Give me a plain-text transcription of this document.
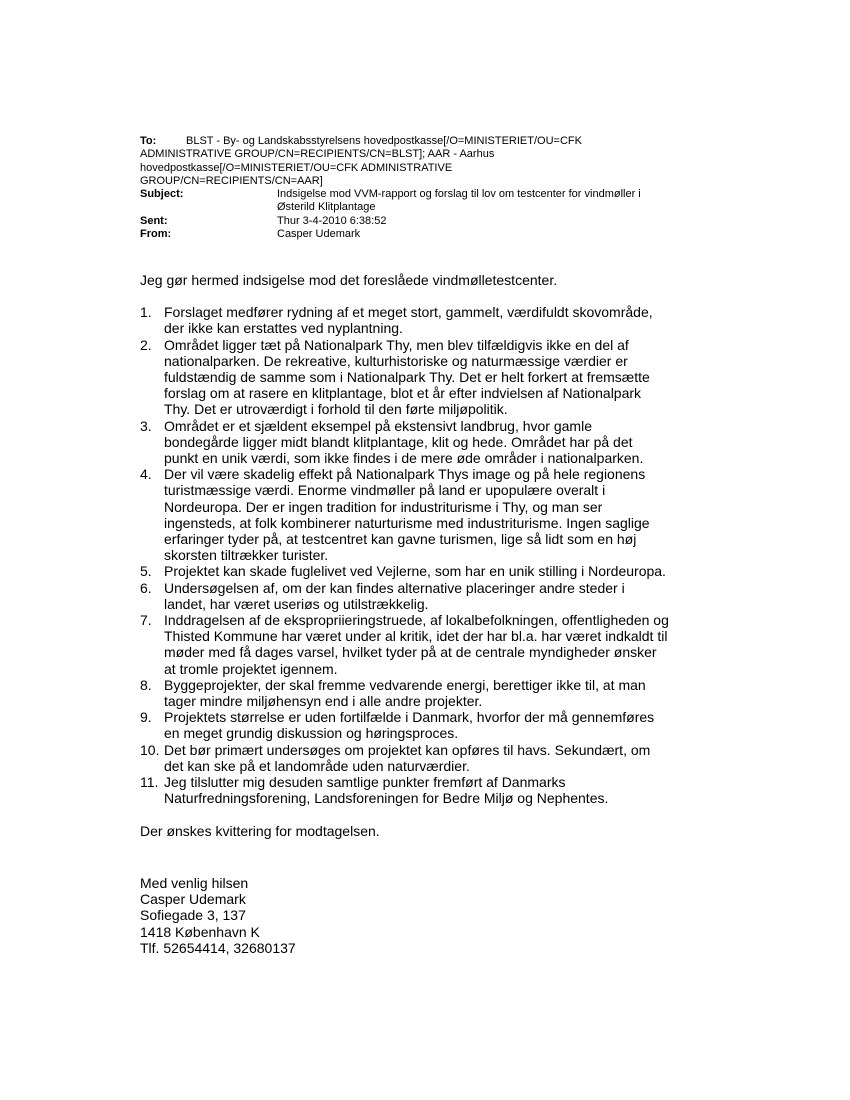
To:	BLST - By- og Landskabsstyrelsens hovedpostkasse[/O=MINISTERIET/OU=CFK
ADMINISTRATIVE GROUP/CN=RECIPIENTS/CN=BLST]; AAR - Aarhus
hovedpostkasse[/O=MINISTERIET/OU=CFK ADMINISTRATIVE
GROUP/CN=RECIPIENTS/CN=AAR]
Subject:	Indsigelse mod VVM-rapport og forslag til lov om testcenter for vindmøller i
Østerild Klitplantage
Sent:	Thur 3-4-2010 6:38:52
From:	Casper Udemark

Jeg gør hermed indsigelse mod det foreslåede vindmølletestcenter.

1. Forslaget medfører rydning af et meget stort, gammelt, værdifuldt skovområde,
der ikke kan erstattes ved nyplantning.
2. Området ligger tæt på Nationalpark Thy, men blev tilfældigvis ikke en del af
nationalparken. De rekreative, kulturhistoriske og naturmæssige værdier er
fuldstændig de samme som i Nationalpark Thy. Det er helt forkert at fremsætte
forslag om at rasere en klitplantage, blot et år efter indvielsen af Nationalpark
Thy. Det er utroværdigt i forhold til den førte miljøpolitik.
3. Området er et sjældent eksempel på ekstensivt landbrug, hvor gamle
bondegårde ligger midt blandt klitplantage, klit og hede. Området har på det
punkt en unik værdi, som ikke findes i de mere øde områder i nationalparken.
4. Der vil være skadelig effekt på Nationalpark Thys image og på hele regionens
turistmæssige værdi. Enorme vindmøller på land er upopulære overalt i
Nordeuropa. Der er ingen tradition for industriturisme i Thy, og man ser
ingensteds, at folk kombinerer naturturisme med industriturisme. Ingen saglige
erfaringer tyder på, at testcentret kan gavne turismen, lige så lidt som en høj
skorsten tiltrækker turister.
5. Projektet kan skade fuglelivet ved Vejlerne, som har en unik stilling i Nordeuropa.
6. Undersøgelsen af, om der kan findes alternative placeringer andre steder i
landet, har været useriøs og utilstrækkelig.
7. Inddragelsen af de ekspropriieringstruede, af lokalbefolkningen, offentligheden og
Thisted Kommune har været under al kritik, idet der har bl.a. har været indkaldt til
møder med få dages varsel, hvilket tyder på at de centrale myndigheder ønsker
at tromle projektet igennem.
8. Byggeprojekter, der skal fremme vedvarende energi, berettiger ikke til, at man
tager mindre miljøhensyn end i alle andre projekter.
9. Projektets størrelse er uden fortilfælde i Danmark, hvorfor der må gennemføres
en meget grundig diskussion og høringsproces.
10. Det bør primært undersøges om projektet kan opføres til havs. Sekundært, om
det kan ske på et landområde uden naturværdier.
11. Jeg tilslutter mig desuden samtlige punkter fremført af Danmarks
Naturfredningsforening, Landsforeningen for Bedre Miljø og Nephentes.

Der ønskes kvittering for modtagelsen.

Med venlig hilsen
Casper Udemark
Sofiegade 3, 137
1418 København K
Tlf. 52654414, 32680137
